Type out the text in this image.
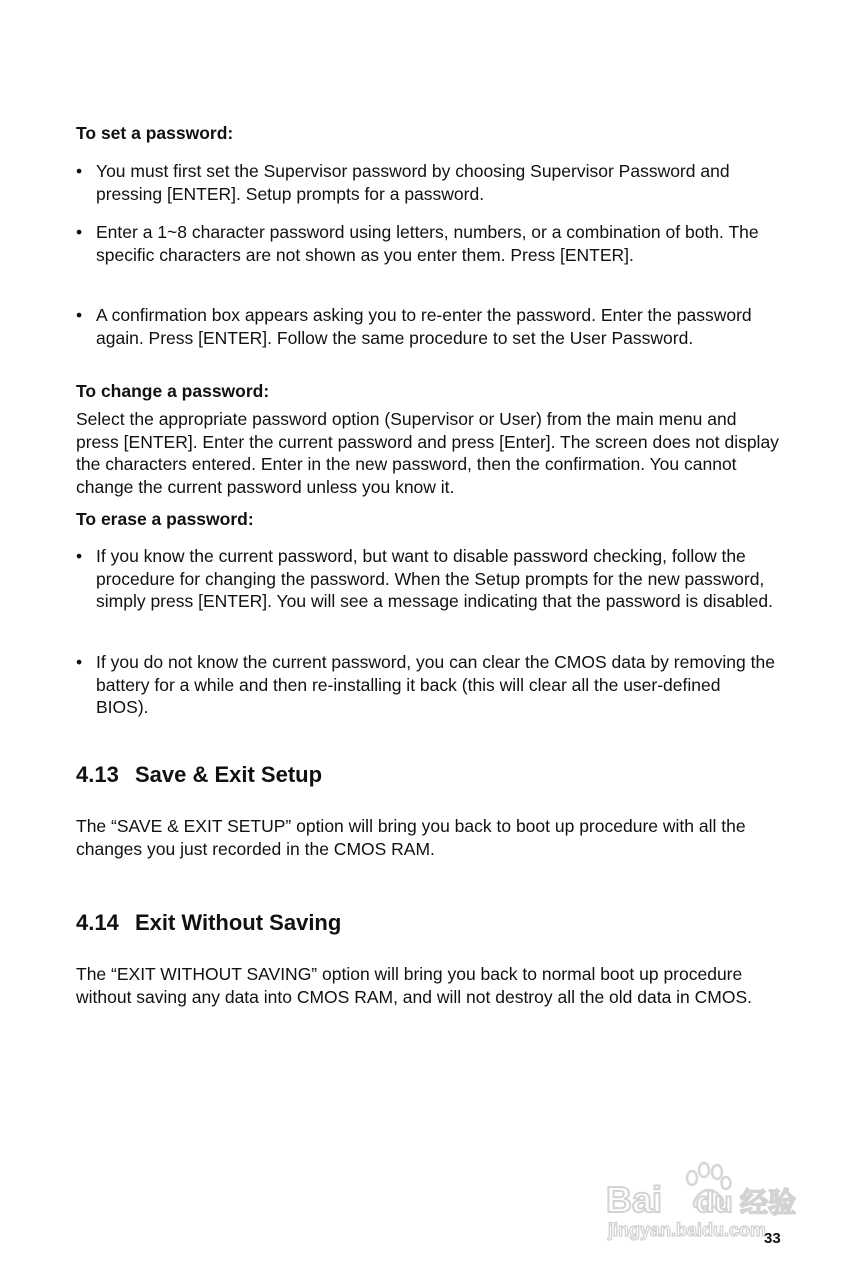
To set a password:
• You must first set the Supervisor password by choosing Supervisor Password and pressing [ENTER]. Setup prompts for a password.
• Enter a 1~8 character password using letters, numbers, or a combination of both. The specific characters are not shown as you enter them. Press [ENTER].
• A confirmation box appears asking you to re-enter the password. Enter the password again. Press [ENTER]. Follow the same procedure to set the User Password.
To change a password:

Select the appropriate password option (Supervisor or User) from the main menu and press [ENTER]. Enter the current password and press [Enter]. The screen does not display the characters entered. Enter in the new password, then the confirmation. You cannot change the current password unless you know it.

To erase a password:
• If you know the current password, but want to disable password checking, follow the procedure for changing the password. When the Setup prompts for the new password, simply press [ENTER]. You will see a message indicating that the password is disabled.
• If you do not know the current password, you can clear the CMOS data by removing the battery for a while and then re-installing it back (this will clear all the user-defined BIOS).
4.13 Save & Exit Setup

The “SAVE & EXIT SETUP” option will bring you back to boot up procedure with all the changes you just recorded in the CMOS RAM.

4.14 Exit Without Saving

The “EXIT WITHOUT SAVING” option will bring you back to normal boot up procedure without saving any data into CMOS RAM, and will not destroy all the old data in CMOS.

Bai du 经验
jingyan.baidu.com
33
